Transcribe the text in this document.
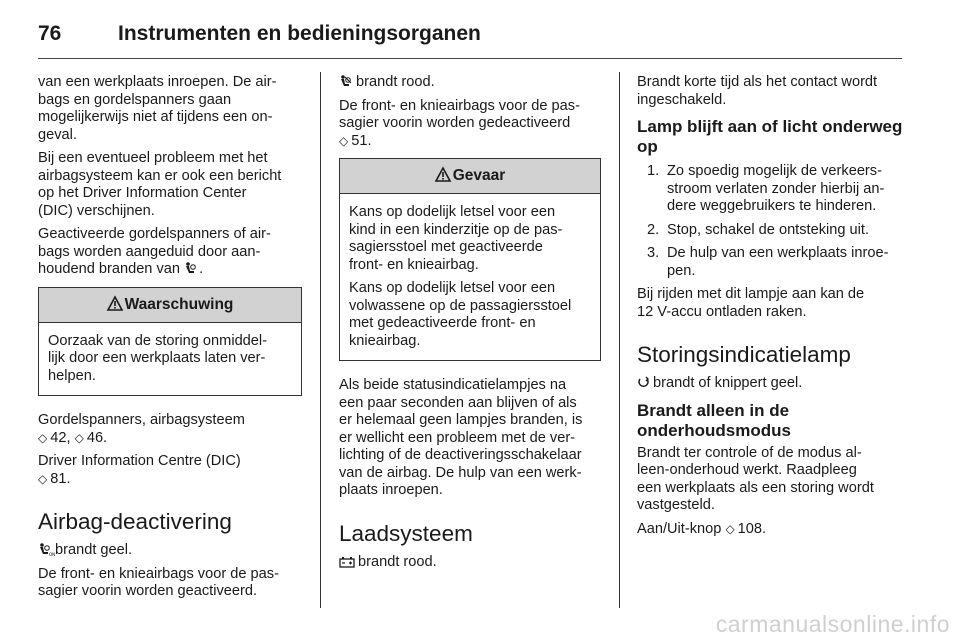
76	Instrumenten en bedieningsorganen

van een werkplaats inroepen. De air-
bags en gordelspanners gaan
mogelijkerwijs niet af tijdens een on-
geval.

Bij een eventueel probleem met het
airbagsysteem kan er ook een bericht
op het Driver Information Center
(DIC) verschijnen.

Geactiveerde gordelspanners of air-
bags worden aangeduid door aan-
houdend branden van .

Waarschuwing

Oorzaak van de storing onmiddel-
lijk door een werkplaats laten ver-
helpen.

Gordelspanners, airbagsysteem
◇ 42, ◇ 46.

Driver Information Centre (DIC)
◇ 81.

Airbag-deactivering

ON brandt geel.

De front- en knieairbags voor de pas-
sagier voorin worden geactiveerd.

brandt rood.

De front- en knieairbags voor de pas-
sagier voorin worden gedeactiveerd
◇ 51.

Gevaar

Kans op dodelijk letsel voor een
kind in een kinderzitje op de pas-
sagiersstoel met geactiveerde
front- en knieairbag.

Kans op dodelijk letsel voor een
volwassene op de passagiersstoel
met gedeactiveerde front- en
knieairbag.

Als beide statusindicatielampjes na
een paar seconden aan blijven of als
er helemaal geen lampjes branden, is
er wellicht een probleem met de ver-
lichting of de deactiveringsschakelaar
van de airbag. De hulp van een werk-
plaats inroepen.

Laadsysteem

brandt rood.

Brandt korte tijd als het contact wordt
ingeschakeld.

Lamp blijft aan of licht onderweg
op
1. Zo spoedig mogelijk de verkeers-
stroom verlaten zonder hierbij an-
dere weggebruikers te hinderen.
2. Stop, schakel de ontsteking uit.
3. De hulp van een werkplaats inroe-
pen.

Bij rijden met dit lampje aan kan de
12 V-accu ontladen raken.

Storingsindicatielamp

brandt of knippert geel.

Brandt alleen in de
onderhoudsmodus

Brandt ter controle of de modus al-
leen-onderhoud werkt. Raadpleeg
een werkplaats als een storing wordt
vastgesteld.

Aan/Uit-knop ◇ 108.

carmanualsonline.info
